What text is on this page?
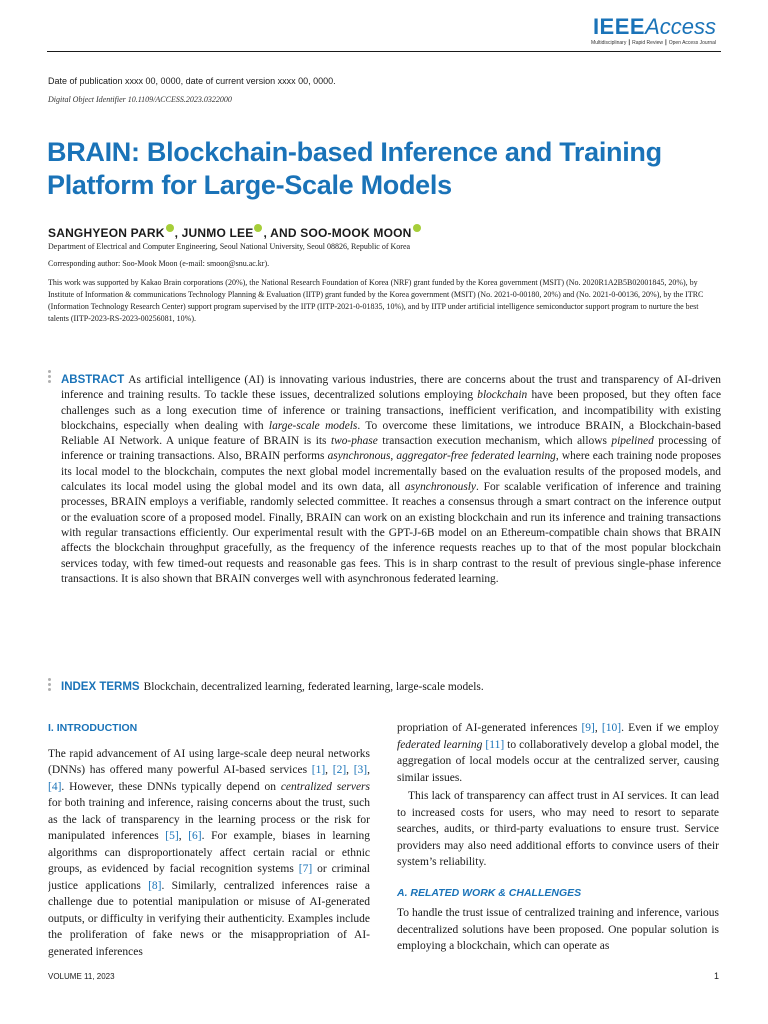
IEEEAccess
Multidisciplinary ┃ Rapid Review ┃ Open Access Journal
Date of publication xxxx 00, 0000, date of current version xxxx 00, 0000.
Digital Object Identifier 10.1109/ACCESS.2023.0322000
BRAIN: Blockchain-based Inference and Training Platform for Large-Scale Models
SANGHYEON PARK , JUNMO LEE , AND SOO-MOOK MOON
Department of Electrical and Computer Engineering, Seoul National University, Seoul 08826, Republic of Korea
Corresponding author: Soo-Mook Moon (e-mail: smoon@snu.ac.kr).
This work was supported by Kakao Brain corporations (20%), the National Research Foundation of Korea (NRF) grant funded by the Korea government (MSIT) (No. 2020R1A2B5B02001845, 20%), by Institute of Information & communications Technology Planning & Evaluation (IITP) grant funded by the Korea government (MSIT) (No. 2021-0-00180, 20%) and (No. 2021-0-00136, 20%), by the ITRC (Information Technology Research Center) support program supervised by the IITP (IITP-2021-0-01835, 10%), and by IITP under artificial intelligence semiconductor support program to nurture the best talents (IITP-2023-RS-2023-00256081, 10%).

ABSTRACT As artificial intelligence (AI) is innovating various industries, there are concerns about the trust and transparency of AI-driven inference and training results. To tackle these issues, decentralized solutions employing blockchain have been proposed, but they often face challenges such as a long execution time of inference or training transactions, inefficient verification, and incompatibility with existing blockchains, especially when dealing with large-scale models. To overcome these limitations, we introduce BRAIN, a Blockchain-based Reliable AI Network. A unique feature of BRAIN is its two-phase transaction execution mechanism, which allows pipelined processing of inference or training transactions. Also, BRAIN performs asynchronous, aggregator-free federated learning, where each training node proposes its local model to the blockchain, computes the next global model incrementally based on the evaluation results of the proposed models, and calculates its local model using the global model and its own data, all asynchronously. For scalable verification of inference and training processes, BRAIN employs a verifiable, randomly selected committee. It reaches a consensus through a smart contract on the inference output or the evaluation score of a proposed model. Finally, BRAIN can work on an existing blockchain and run its inference and training transactions with regular transactions efficiently. Our experimental result with the GPT-J-6B model on an Ethereum-compatible chain shows that BRAIN affects the blockchain throughput gracefully, as the frequency of the inference requests reaches up to that of the most popular blockchain services today, with few timed-out requests and reasonable gas fees. This is in sharp contrast to the result of previous single-phase inference transactions. It is also shown that BRAIN converges well with asynchronous federated learning.

INDEX TERMS Blockchain, decentralized learning, federated learning, large-scale models.
I. INTRODUCTION

The rapid advancement of AI using large-scale deep neural networks (DNNs) has offered many powerful AI-based services [1], [2], [3], [4]. However, these DNNs typically depend on centralized servers for both training and inference, raising concerns about the trust, such as the lack of transparency in the learning process or the risk for manipulated inferences [5], [6]. For example, biases in learning algorithms can disproportionately affect certain racial or ethnic groups, as evidenced by facial recognition systems [7] or criminal justice applications [8]. Similarly, centralized inferences raise a challenge due to potential manipulation or misuse of AI-generated outputs, or difficulty in verifying their authenticity. Examples include the proliferation of fake news or the misappropriation of AI-generated inferences

propriation of AI-generated inferences [9], [10]. Even if we employ federated learning [11] to collaboratively develop a global model, the aggregation of local models occur at the centralized server, causing similar issues.

This lack of transparency can affect trust in AI services. It can lead to increased costs for users, who may need to resort to separate searches, audits, or third-party evaluations to ensure trust. Service providers may also need additional efforts to convince users of their system’s reliability.

A. RELATED WORK & CHALLENGES

To handle the trust issue of centralized training and inference, various decentralized solutions have been proposed. One popular solution is employing a blockchain, which can operate as

VOLUME 11, 2023	1
